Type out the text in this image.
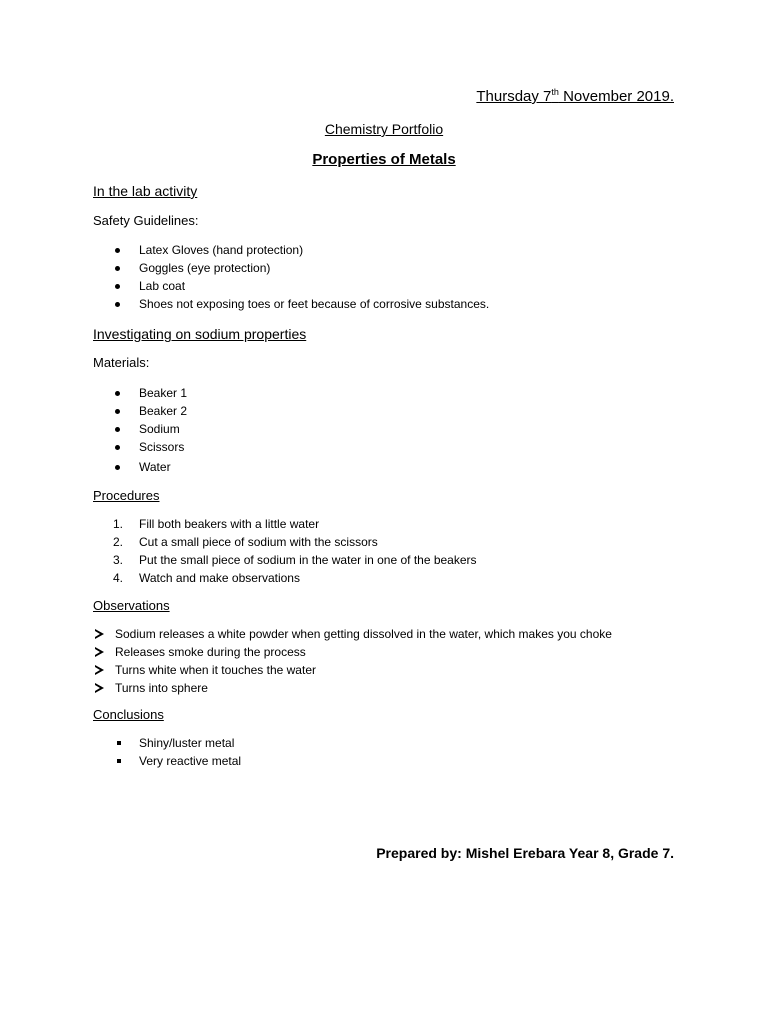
Thursday 7th November 2019.
Chemistry Portfolio
Properties of Metals
In the lab activity
Safety Guidelines:
Latex Gloves (hand protection)
Goggles (eye protection)
Lab coat
Shoes not exposing toes or feet because of corrosive substances.
Investigating on sodium properties
Materials:
Beaker 1
Beaker 2
Sodium
Scissors
Water
Procedures
1. Fill both beakers with a little water
2. Cut a small piece of sodium with the scissors
3. Put the small piece of sodium in the water in one of the beakers
4. Watch and make observations
Observations
Sodium releases a white powder when getting dissolved in the water, which makes you choke
Releases smoke during the process
Turns white when it touches the water
Turns into sphere
Conclusions
Shiny/luster metal
Very reactive metal
Prepared by: Mishel Erebara Year 8, Grade 7.
